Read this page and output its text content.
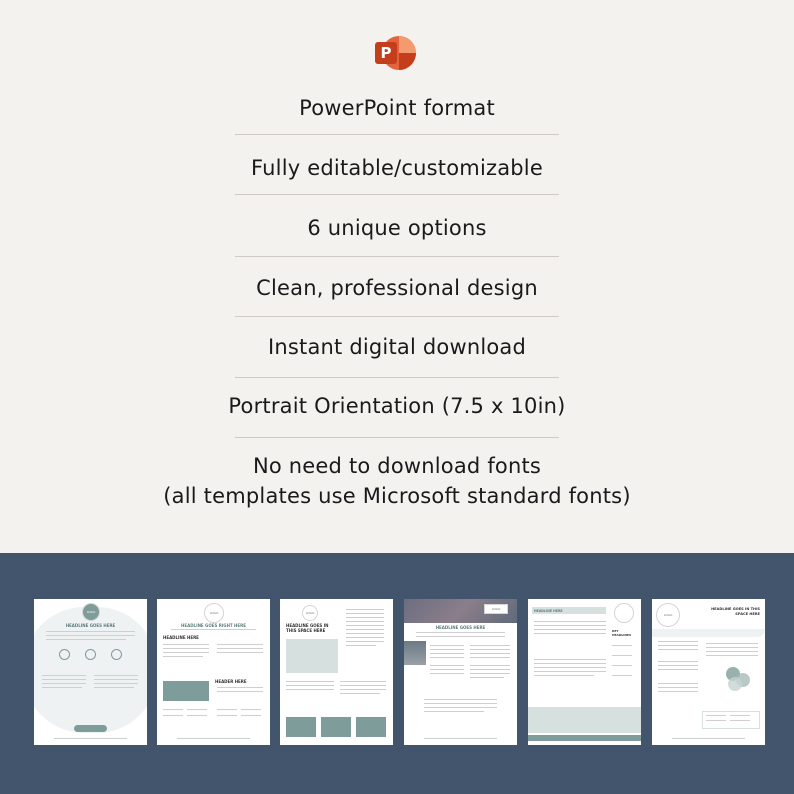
P
PowerPoint format
Fully editable/customizable
6 unique options
Clean, professional design
Instant digital download
Portrait Orientation (7.5 x 10in)
No need to download fonts
(all templates use Microsoft standard fonts)
LOGO
HEADLINE GOES HERE
LOGO
HEADLINE GOES RIGHT HERE
HEADLINE HERE
HEADER HERE
LOGO
HEADLINE GOES IN THIS SPACE HERE
LOGO
HEADLINE GOES HERE
HEADLINE HERE
KEY HEADLINES
LOGO
HEADLINE GOES IN THIS SPACE HERE
